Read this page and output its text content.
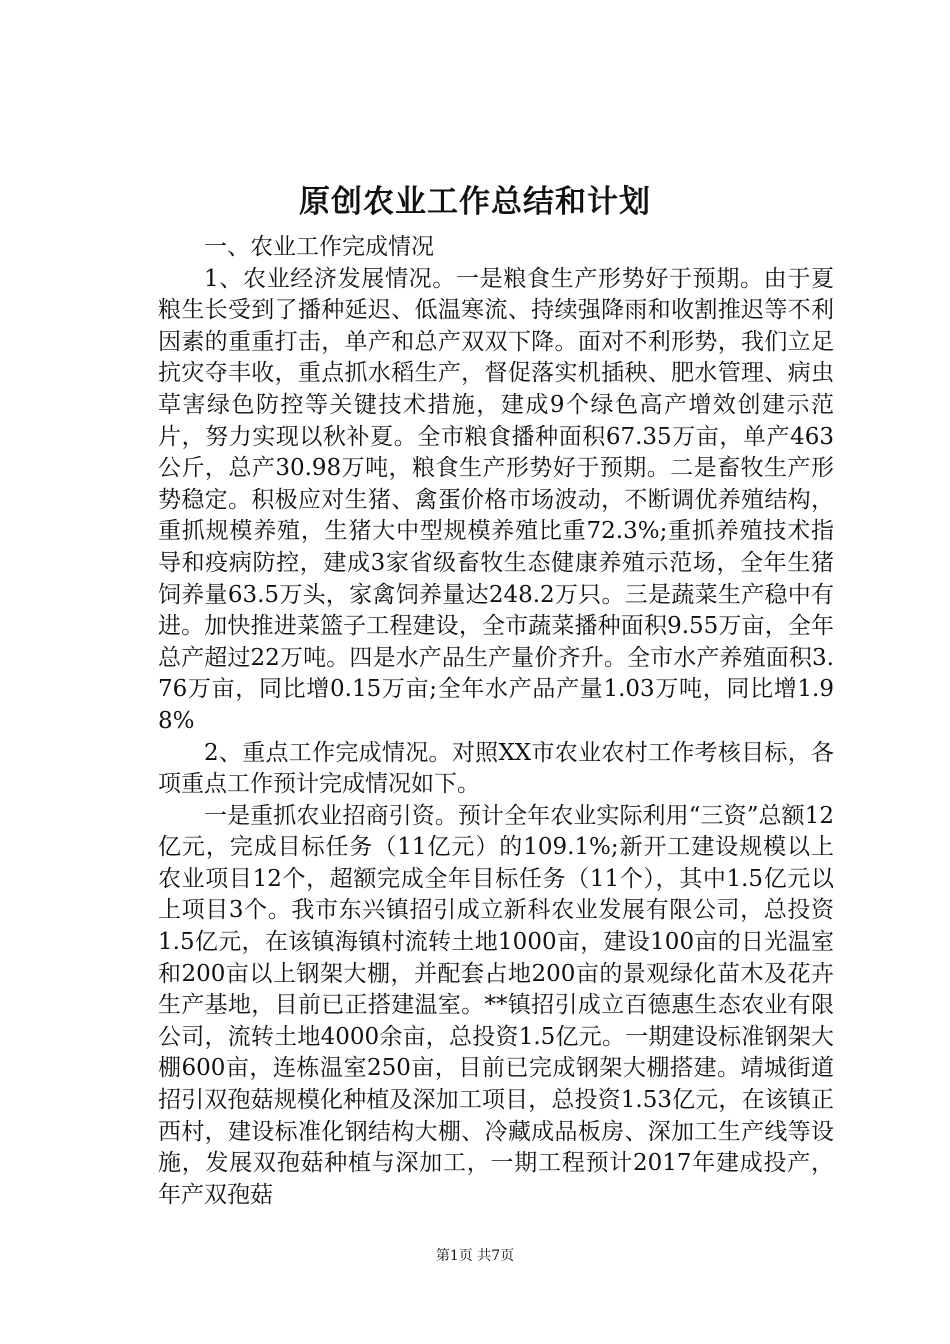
原创农业工作总结和计划

一、农业工作完成情况

1、农业经济发展情况。一是粮食生产形势好于预期。由于夏粮生长受到了播种延迟、低温寒流、持续强降雨和收割推迟等不利因素的重重打击，单产和总产双双下降。面对不利形势，我们立足抗灾夺丰收，重点抓水稻生产，督促落实机插秧、肥水管理、病虫草害绿色防控等关键技术措施，建成9个绿色高产增效创建示范片，努力实现以秋补夏。全市粮食播种面积67.35万亩，单产463公斤，总产30.98万吨，粮食生产形势好于预期。二是畜牧生产形势稳定。积极应对生猪、禽蛋价格市场波动，不断调优养殖结构，重抓规模养殖，生猪大中型规模养殖比重72.3%;重抓养殖技术指导和疫病防控，建成3家省级畜牧生态健康养殖示范场，全年生猪饲养量63.5万头，家禽饲养量达248.2万只。三是蔬菜生产稳中有进。加快推进菜篮子工程建设，全市蔬菜播种面积9.55万亩，全年总产超过22万吨。四是水产品生产量价齐升。全市水产养殖面积3.76万亩，同比增0.15万亩;全年水产品产量1.03万吨，同比增1.98%

2、重点工作完成情况。对照XX市农业农村工作考核目标，各项重点工作预计完成情况如下。

一是重抓农业招商引资。预计全年农业实际利用“三资”总额12亿元，完成目标任务（11亿元）的109.1%;新开工建设规模以上农业项目12个，超额完成全年目标任务（11个），其中1.5亿元以上项目3个。我市东兴镇招引成立新科农业发展有限公司，总投资1.5亿元，在该镇海镇村流转土地1000亩，建设100亩的日光温室和200亩以上钢架大棚，并配套占地200亩的景观绿化苗木及花卉生产基地，目前已正搭建温室。**镇招引成立百德惠生态农业有限公司，流转土地4000余亩，总投资1.5亿元。一期建设标准钢架大棚600亩，连栋温室250亩，目前已完成钢架大棚搭建。靖城街道招引双孢菇规模化种植及深加工项目，总投资1.53亿元，在该镇正西村，建设标准化钢结构大棚、冷藏成品板房、深加工生产线等设施，发展双孢菇种植与深加工，一期工程预计2017年建成投产，年产双孢菇

第1页 共7页
